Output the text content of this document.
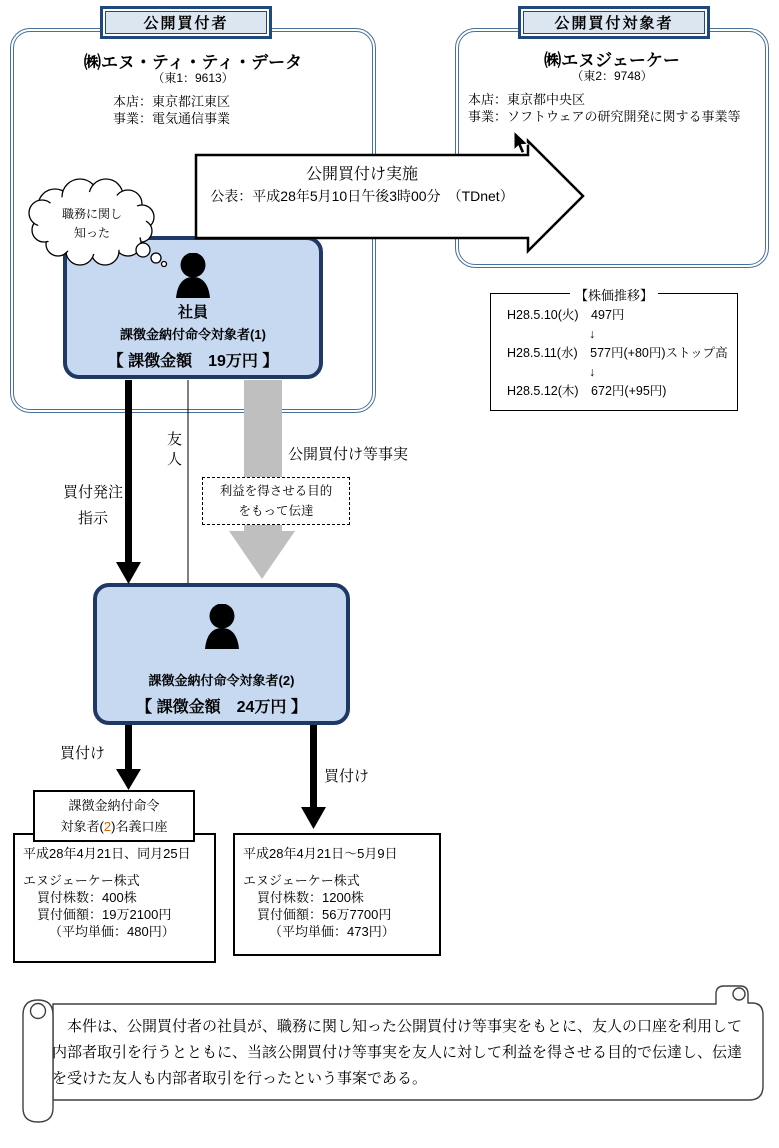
公開買付者	公開買付対象者
㈱エヌ・ティ・ティ・データ
（東1：9613）
本店：東京都江東区
事業：電気通信事業
㈱エヌジェーケー
（東2：9748）
本店：東京都中央区
事業：ソフトウェアの研究開発に関する事業等
社員
課徴金納付命令対象者(1)
【 課徴金額　19万円 】
【株価推移】
H28.5.10(火)　497円
↓
H28.5.11(水)　577円(+80円)ストップ高
↓
H28.5.12(木)　672円(+95円)
課徴金納付命令対象者(2)
【 課徴金額　24万円 】
平成28年4月21日、同月25日
エヌジェーケー株式
買付株数：400株
買付価額：19万2100円
（平均単価：480円）
平成28年4月21日～5月9日
エヌジェーケー株式
買付株数：1200株
買付価額：56万7700円
（平均単価：473円）
公開買付け実施
公表：平成28年5月10日午後3時00分　（TDnet）
職務に関し
知った
買付発注
指示
友人	公開買付け等事実
利益を得させる目的
をもって伝達
買付け
買付け
課徴金納付命令
対象者(2)名義口座
　本件は、公開買付者の社員が、職務に関し知った公開買付け等事実をもとに、友人の口座を利用して内部者取引を行うとともに、当該公開買付け等事実を友人に対して利益を得させる目的で伝達し、伝達を受けた友人も内部者取引を行ったという事案である。
